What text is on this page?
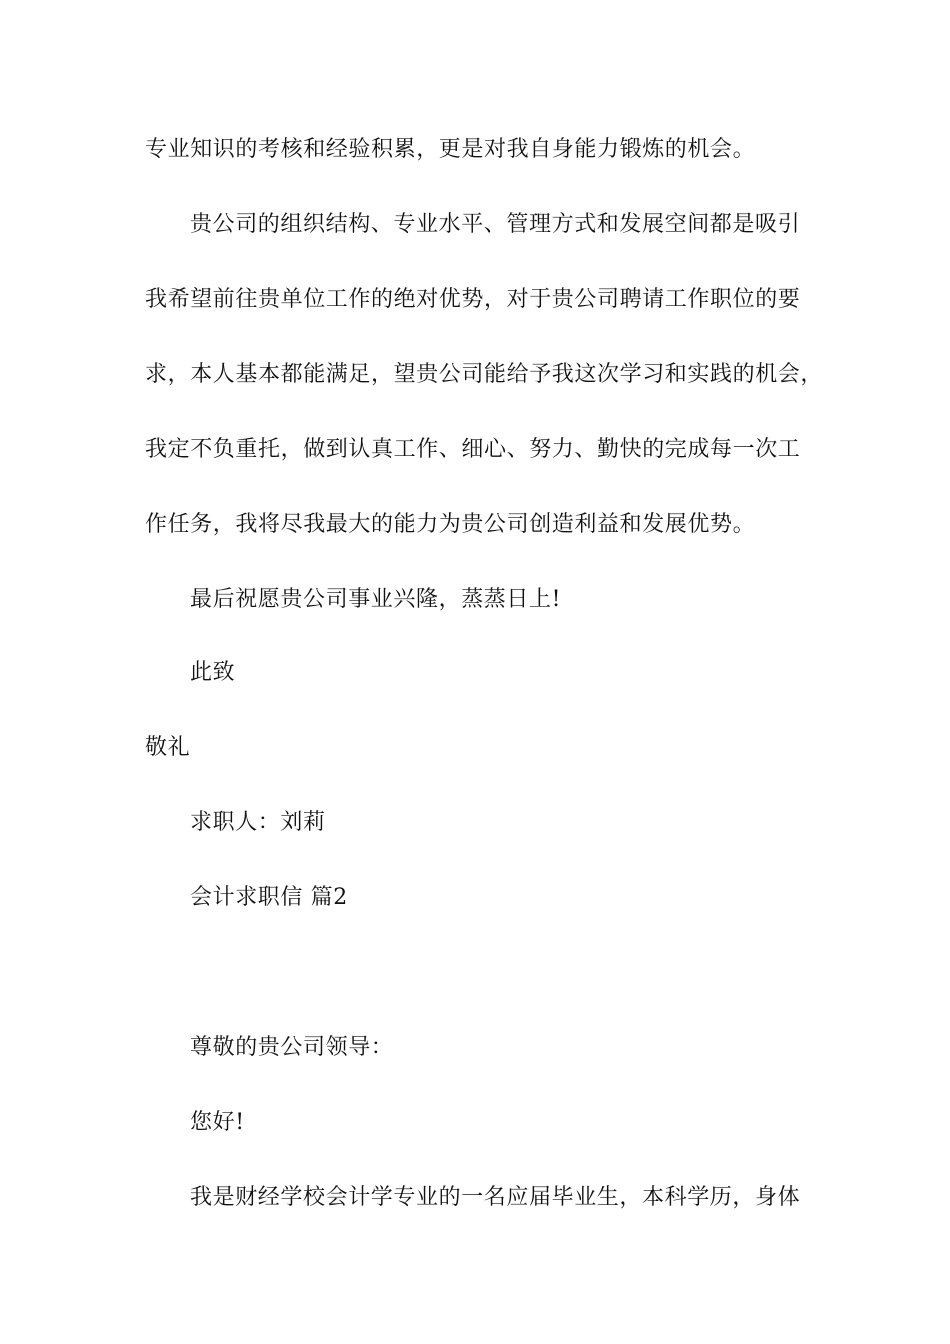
专业知识的考核和经验积累，更是对我自身能力锻炼的机会。
贵公司的组织结构、专业水平、管理方式和发展空间都是吸引
我希望前往贵单位工作的绝对优势，对于贵公司聘请工作职位的要
求，本人基本都能满足，望贵公司能给予我这次学习和实践的机会，
我定不负重托，做到认真工作、细心、努力、勤快的完成每一次工
作任务，我将尽我最大的能力为贵公司创造利益和发展优势。
最后祝愿贵公司事业兴隆，蒸蒸日上!
此致
敬礼
求职人：刘莉
会计求职信 篇2
尊敬的贵公司领导：
您好!
我是财经学校会计学专业的一名应届毕业生，本科学历，身体
